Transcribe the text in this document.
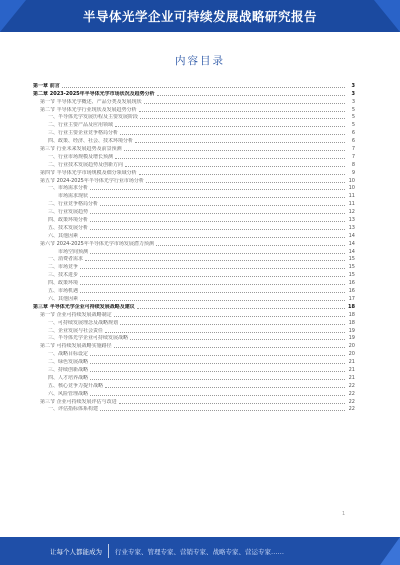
半导体光学企业可持续发展战略研究报告
内容目录
第一章 前言	3
第二章 2023-2025年半导体光学市场状况及趋势分析	3
第一节 半导体光学概述、产品分类及发展现状	3
第二节 半导体光学行业现状及发展趋势分析	5
一、半导体光学发展历程及主要发展阶段	5
二、行业主要产品及应用领域	5
三、行业主要企业竞争格局分析	6
四、政策、经济、社会、技术环境分析	6
第三节 行业未来发展趋势及前景预测	7
一、行业市场规模及增长预测	7
二、行业技术发展趋势及创新方向	8
第四节 半导体光学市场规模及细分领域分析	9
第五节 2024-2025年半导体光学行业市场分析	10
一、市场需求分析	10
市场需求现状	11
二、行业竞争格局分析	11
三、行业发展趋势	12
四、政策环境分析	13
五、技术发展分析	13
六、其他因素	14
第六节 2024-2025年半导体光学市场发展潜力预测	14
市场空间预测	14
一、消费者需求	15
二、市场竞争	15
三、技术进步	15
四、政策环境	16
五、市场机遇	16
六、其他因素	17
第三章 半导体光学企业可持续发展战略及建议	18
第一节 企业可持续发展战略制定	18
一、可持续发展理念及战略规划	18
二、企业发展与社会责任	19
三、半导体光学企业可持续发展战略	19
第二节 可持续发展战略实施路径	20
一、战略目标设定	20
二、绿色发展战略	21
三、持续创新战略	21
四、人才培养战略	21
五、核心竞争力提升战略	22
六、风险管理战略	22
第三节 企业可持续发展评估与改进	22
一、评估指标体系构建	22
1
让每个人都能成为 行业专家、管理专家、营销专家、战略专家、营运专家……
